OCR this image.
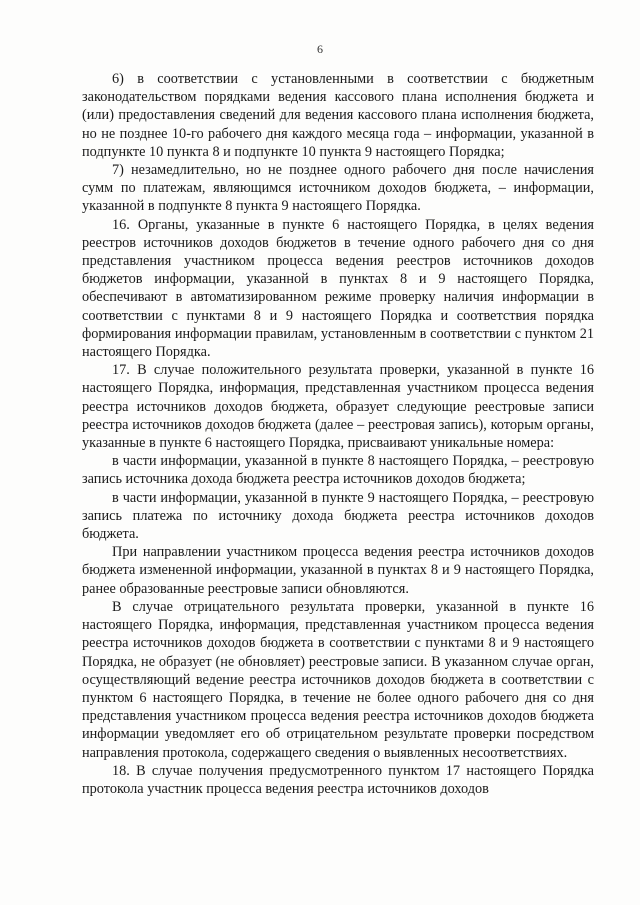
6

6) в соответствии с установленными в соответствии с бюджетным законодательством порядками ведения кассового плана исполнения бюджета и (или) предоставления сведений для ведения кассового плана исполнения бюджета, но не позднее 10-го рабочего дня каждого месяца года – информации, указанной в подпункте 10 пункта 8 и подпункте 10 пункта 9 настоящего Порядка;

7) незамедлительно, но не позднее одного рабочего дня после начисления сумм по платежам, являющимся источником доходов бюджета, – информации, указанной в подпункте 8 пункта 9 настоящего Порядка.

16. Органы, указанные в пункте 6 настоящего Порядка, в целях ведения реестров источников доходов бюджетов в течение одного рабочего дня со дня представления участником процесса ведения реестров источников доходов бюджетов информации, указанной в пунктах 8 и 9 настоящего Порядка, обеспечивают в автоматизированном режиме проверку наличия информации в соответствии с пунктами 8 и 9 настоящего Порядка и соответствия порядка формирования информации правилам, установленным в соответствии с пунктом 21 настоящего Порядка.

17. В случае положительного результата проверки, указанной в пункте 16 настоящего Порядка, информация, представленная участником процесса ведения реестра источников доходов бюджета, образует следующие реестровые записи реестра источников доходов бюджета (далее – реестровая запись), которым органы, указанные в пункте 6 настоящего Порядка, присваивают уникальные номера:

в части информации, указанной в пункте 8 настоящего Порядка, – реестровую запись источника дохода бюджета реестра источников доходов бюджета;

в части информации, указанной в пункте 9 настоящего Порядка, – реестровую запись платежа по источнику дохода бюджета реестра источников доходов бюджета.

При направлении участником процесса ведения реестра источников доходов бюджета измененной информации, указанной в пунктах 8 и 9 настоящего Порядка, ранее образованные реестровые записи обновляются.

В случае отрицательного результата проверки, указанной в пункте 16 настоящего Порядка, информация, представленная участником процесса ведения реестра источников доходов бюджета в соответствии с пунктами 8 и 9 настоящего Порядка, не образует (не обновляет) реестровые записи. В указанном случае орган, осуществляющий ведение реестра источников доходов бюджета в соответствии с пунктом 6 настоящего Порядка, в течение не более одного рабочего дня со дня представления участником процесса ведения реестра источников доходов бюджета информации уведомляет его об отрицательном результате проверки посредством направления протокола, содержащего сведения о выявленных несоответствиях.

18. В случае получения предусмотренного пунктом 17 настоящего Порядка протокола участник процесса ведения реестра источников доходов
